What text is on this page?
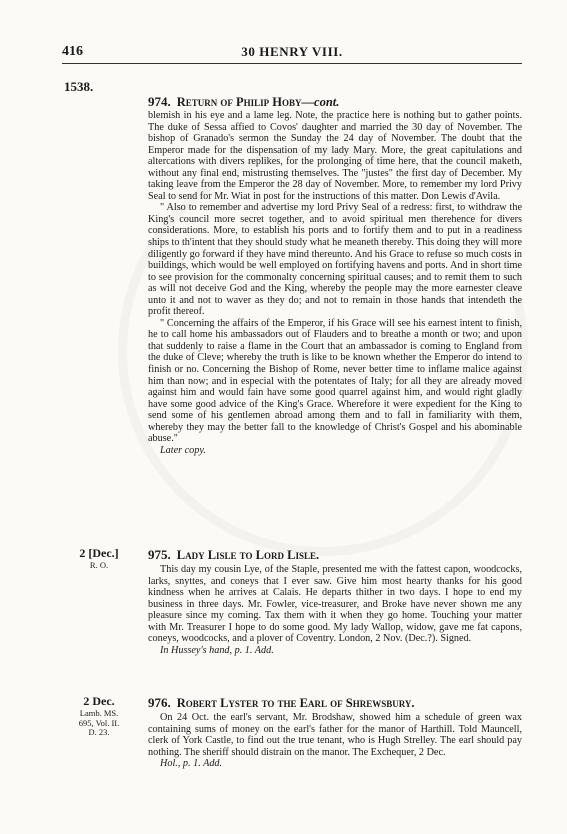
416	30 HENRY VIII.
1538.
974. Return of Philip Hoby—cont.

blemish in his eye and a lame leg. Note, the practice here is nothing but to gather points. The duke of Sessa affied to Covos' daughter and married the 30 day of November. The bishop of Granado's sermon the Sunday the 24 day of November. The doubt that the Emperor made for the dispensation of my lady Mary. More, the great capitulations and altercations with divers replikes, for the prolonging of time here, that the council maketh, without any final end, mistrusting themselves. The "justes" the first day of December. My taking leave from the Emperor the 28 day of November. More, to remember my lord Privy Seal to send for Mr. Wiat in post for the instructions of this matter. Don Lewis d'Avila.

" Also to remember and advertise my lord Privy Seal of a redress: first, to withdraw the King's council more secret together, and to avoid spiritual men therehence for divers considerations. More, to establish his ports and to fortify them and to put in a readiness ships to th'intent that they should study what he meaneth thereby. This doing they will more diligently go forward if they have mind thereunto. And his Grace to refuse so much costs in buildings, which would be well employed on fortifying havens and ports. And in short time to see provision for the commonalty concerning spiritual causes; and to remit them to such as will not deceive God and the King, whereby the people may the more earnester cleave unto it and not to waver as they do; and not to remain in those hands that intendeth the profit thereof.

" Concerning the affairs of the Emperor, if his Grace will see his earnest intent to finish, he to call home his ambassadors out of Flauders and to breathe a month or two; and upon that suddenly to raise a flame in the Court that an ambassador is coming to England from the duke of Cleve; whereby the truth is like to be known whether the Emperor do intend to finish or no. Concerning the Bishop of Rome, never better time to inflame malice against him than now; and in especial with the potentates of Italy; for all they are already moved against him and would fain have some good quarrel against him, and would right gladly have some good advice of the King's Grace. Wherefore it were expedient for the King to send some of his gentlemen abroad among them and to fall in familiarity with them, whereby they may the better fall to the knowledge of Christ's Gospel and his abominable abuse."

Later copy.

2 [Dec.]
R. O.
975. Lady Lisle to Lord Lisle.

This day my cousin Lye, of the Staple, presented me with the fattest capon, woodcocks, larks, snyttes, and coneys that I ever saw. Give him most hearty thanks for his good kindness when he arrives at Calais. He departs thither in two days. I hope to end my business in three days. Mr. Fowler, vice-treasurer, and Broke have never shown me any pleasure since my coming. Tax them with it when they go home. Touching your matter with Mr. Treasurer I hope to do some good. My lady Wallop, widow, gave me fat capons, coneys, woodcocks, and a plover of Coventry. London, 2 Nov. (Dec.?). Signed.

In Hussey's hand, p. 1. Add.

2 Dec.
Lamb. MS.
695, Vol. II.
D. 23.
976. Robert Lyster to the Earl of Shrewsbury.

On 24 Oct. the earl's servant, Mr. Brodshaw, showed him a schedule of green wax containing sums of money on the earl's father for the manor of Harthill. Told Mauncell, clerk of York Castle, to find out the true tenant, who is Hugh Strelley. The earl should pay nothing. The sheriff should distrain on the manor. The Exchequer, 2 Dec.

Hol., p. 1. Add.
